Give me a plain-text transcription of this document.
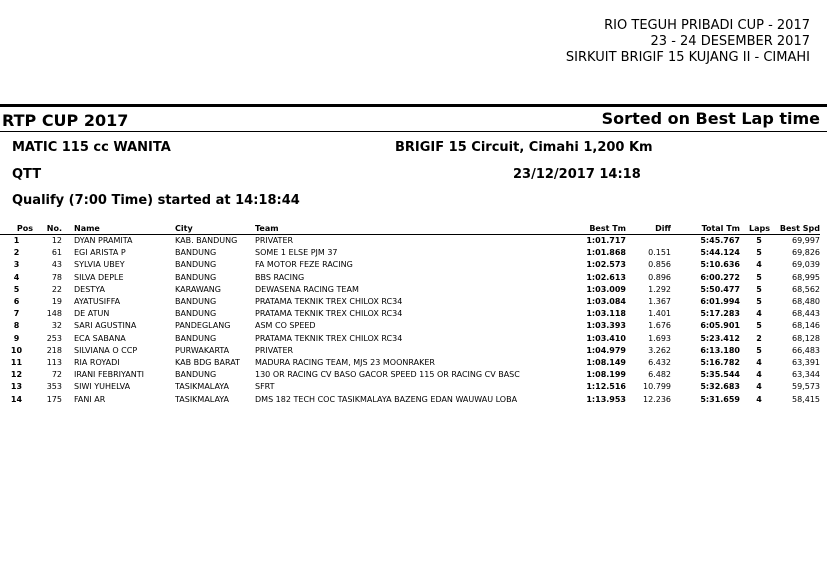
RIO TEGUH PRIBADI CUP - 2017
23 - 24 DESEMBER 2017
SIRKUIT BRIGIF 15 KUJANG II - CIMAHI
RTP CUP 2017	Sorted on Best Lap time
MATIC 115 cc WANITA	BRIGIF 15 Circuit, Cimahi 1,200 Km
QTT	23/12/2017 14:18
Qualify (7:00 Time) started at 14:18:44
Pos	No.		Name	City	Team	Best Tm	Diff	Total Tm	Laps	Best Spd
1	12		DYAN PRAMITA	KAB. BANDUNG	PRIVATER	1:01.717		5:45.767	5	69,997
2	61		EGI ARISTA P	BANDUNG	SOME 1 ELSE PJM 37	1:01.868	0.151	5:44.124	5	69,826
3	43		SYLVIA UBEY	BANDUNG	FA MOTOR FEZE RACING	1:02.573	0.856	5:10.636	4	69,039
4	78		SILVA DEPLE	BANDUNG	BBS RACING	1:02.613	0.896	6:00.272	5	68,995
5	22		DESTYA	KARAWANG	DEWASENA RACING TEAM	1:03.009	1.292	5:50.477	5	68,562
6	19		AYATUSIFFA	BANDUNG	PRATAMA TEKNIK TREX CHILOX RC34	1:03.084	1.367	6:01.994	5	68,480
7	148		DE ATUN	BANDUNG	PRATAMA TEKNIK TREX CHILOX RC34	1:03.118	1.401	5:17.283	4	68,443
8	32		SARI AGUSTINA	PANDEGLANG	ASM CO SPEED	1:03.393	1.676	6:05.901	5	68,146
9	253		ECA SABANA	BANDUNG	PRATAMA TEKNIK TREX CHILOX RC34	1:03.410	1.693	5:23.412	2	68,128
10	218		SILVIANA O CCP	PURWAKARTA	PRIVATER	1:04.979	3.262	6:13.180	5	66,483
11	113		RIA ROYADI	KAB BDG BARAT	MADURA RACING TEAM, MJS 23 MOONRAKER	1:08.149	6.432	5:16.782	4	63,391
12	72		IRANI FEBRIYANTI	BANDUNG	130 OR RACING CV BASO GACOR SPEED 115 OR RACING CV BASC	1:08.199	6.482	5:35.544	4	63,344
13	353		SIWI YUHELVA	TASIKMALAYA	SFRT	1:12.516	10.799	5:32.683	4	59,573
14	175		FANI AR	TASIKMALAYA	DMS 182 TECH COC TASIKMALAYA BAZENG EDAN WAUWAU LOBA	1:13.953	12.236	5:31.659	4	58,415
